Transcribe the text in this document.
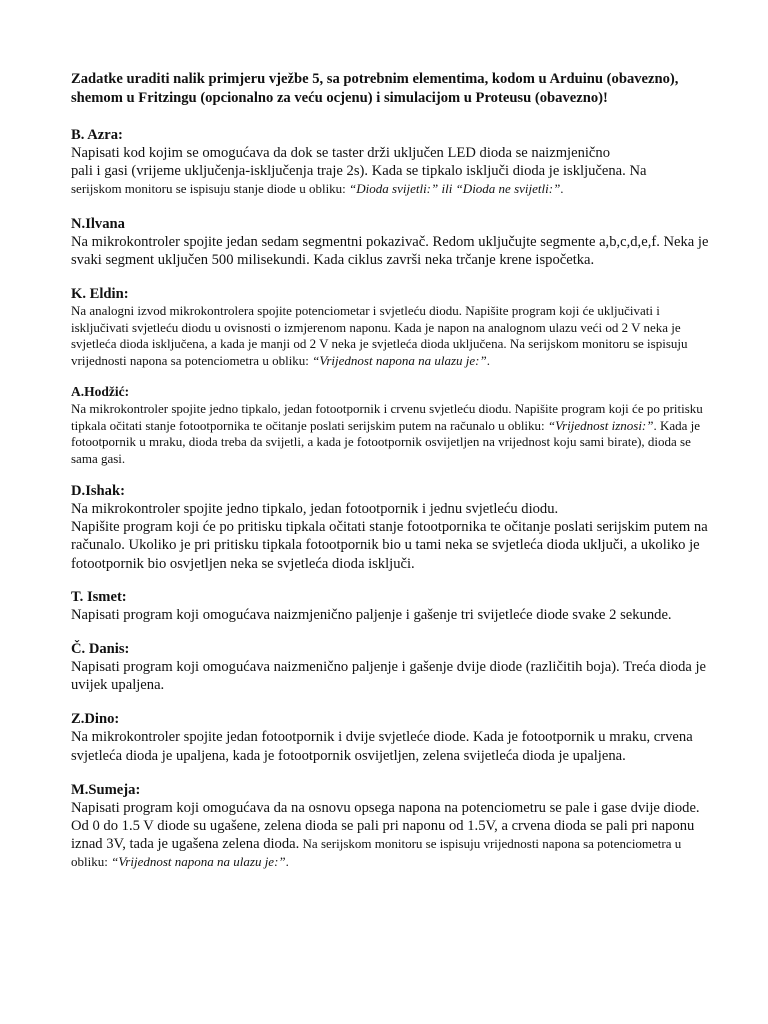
Zadatke uraditi nalik primjeru vježbe 5, sa potrebnim elementima, kodom u Arduinu (obavezno), shemom u Fritzingu (opcionalno za veću ocjenu) i simulacijom u Proteusu (obavezno)!

B. Azra:

Napisati kod kojim se omogućava da dok se taster drži uključen LED dioda se naizmjenično
pali i gasi (vrijeme uključenja-isključenja traje 2s). Kada se tipkalo isključi dioda je isključena. Na
serijskom monitoru se ispisuju stanje diode u obliku: “Dioda svijetli:” ili “Dioda ne svijetli:”.

N.Ilvana

Na mikrokontroler spojite jedan sedam segmentni pokazivač. Redom uključujte segmente a,b,c,d,e,f. Neka je svaki segment uključen 500 milisekundi. Kada ciklus završi neka trčanje krene ispočetka.

K. Eldin:

Na analogni izvod mikrokontrolera spojite potenciometar i svjetleću diodu. Napišite program koji će uključivati i isključivati svjetleću diodu u ovisnosti o izmjerenom naponu. Kada je napon na analognom ulazu veći od 2 V neka je svjetleća dioda isključena, a kada je manji od 2 V neka je svjetleća dioda uključena. Na serijskom monitoru se ispisuju vrijednosti napona sa potenciometra u obliku: “Vrijednost napona na ulazu je:”.

A.Hodžić:

Na mikrokontroler spojite jedno tipkalo, jedan fotootpornik i crvenu svjetleću diodu. Napišite program koji će po pritisku tipkala očitati stanje fotootpornika te očitanje poslati serijskim putem na računalo u obliku: “Vrijednost iznosi:”. Kada je fotootpornik u mraku, dioda treba da svijetli, a kada je fotootpornik osvijetljen na vrijednost koju sami birate), dioda se sama gasi.

D.Ishak:

Na mikrokontroler spojite jedno tipkalo, jedan fotootpornik i jednu svjetleću diodu.
Napišite program koji će po pritisku tipkala očitati stanje fotootpornika te očitanje poslati serijskim putem na računalo. Ukoliko je pri pritisku tipkala fotootpornik bio u tami neka se svjetleća dioda uključi, a ukoliko je fotootpornik bio osvjetljen neka se svjetleća dioda isključi.

T. Ismet:

Napisati program koji omogućava naizmjenično paljenje i gašenje tri svijetleće diode svake 2 sekunde.

Č. Danis:

Napisati program koji omogućava naizmenično paljenje i gašenje dvije diode (različitih boja). Treća dioda je uvijek upaljena.

Z.Dino:

Na mikrokontroler spojite jedan fotootpornik i dvije svjetleće diode. Kada je fotootpornik u mraku, crvena svjetleća dioda je upaljena, kada je fotootpornik osvijetljen, zelena svijetleća dioda je upaljena.

M.Sumeja:

Napisati program koji omogućava da na osnovu opsega napona na potenciometru se pale i gase dvije diode. Od 0 do 1.5 V diode su ugašene, zelena dioda se pali pri naponu od 1.5V, a crvena dioda se pali pri naponu iznad 3V, tada je ugašena zelena dioda. Na serijskom monitoru se ispisuju vrijednosti napona sa potenciometra u obliku: “Vrijednost napona na ulazu je:”.
